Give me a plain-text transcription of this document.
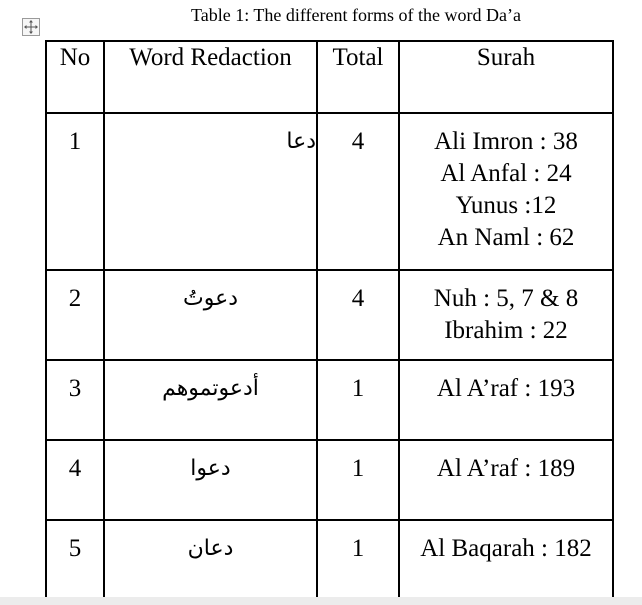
Table 1: The different forms of the word Da’a
No	Word Redaction	Total	Surah

1	دعا	4	Ali Imron : 38
Al Anfal : 24
Yunus :12
An Naml : 62

2	دعوتُ	4	Nuh : 5, 7 & 8
Ibrahim : 22

3	أدعوتموهم	1	Al A’raf : 193

4	دعوا	1	Al A’raf : 189

5	دعان	1	Al Baqarah : 182
